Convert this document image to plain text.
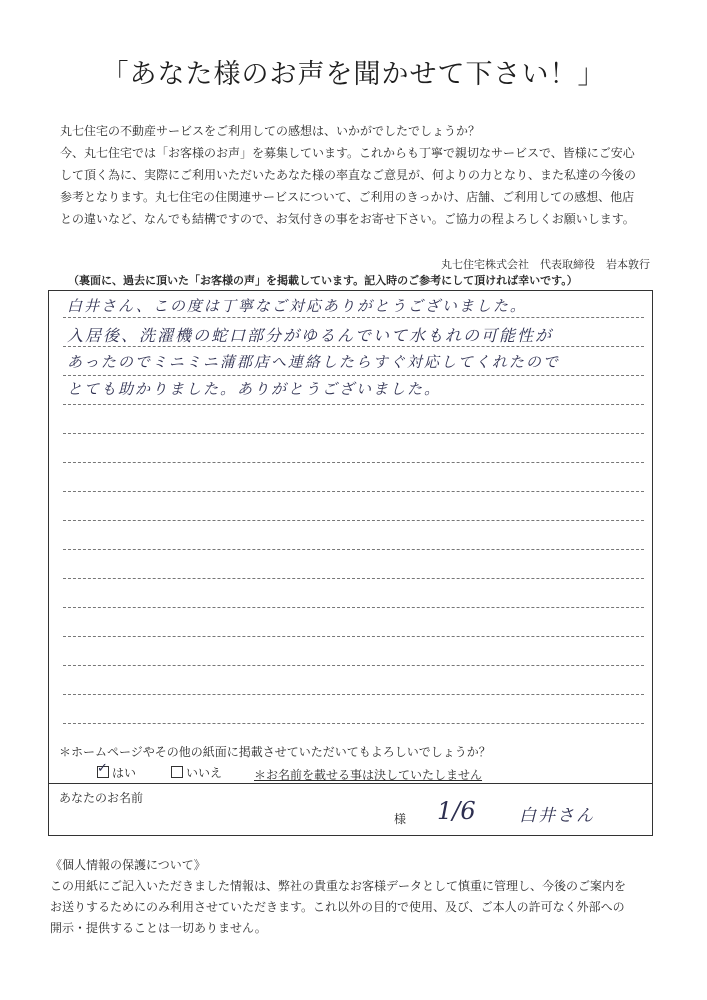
「あなた様のお声を聞かせて下さい！」

丸七住宅の不動産サービスをご利用しての感想は、いかがでしたでしょうか？

今、丸七住宅では「お客様のお声」を募集しています。これからも丁寧で親切なサービスで、皆様にご安心

して頂く為に、実際にご利用いただいたあなた様の率直なご意見が、何よりの力となり、また私達の今後の

参考となります。丸七住宅の住関連サービスについて、ご利用のきっかけ、店舗、ご利用しての感想、他店

との違いなど、なんでも結構ですので、お気付きの事をお寄せ下さい。ご協力の程よろしくお願いします。

丸七住宅株式会社　代表取締役　岩本敦行
（裏面に、過去に頂いた「お客様の声」を掲載しています。記入時のご参考にして頂ければ幸いです。）
白井さん、この度は丁寧なご対応ありがとうございました。
入居後、洗濯機の蛇口部分がゆるんでいて水もれの可能性が
あったのでミニミニ蒲郡店へ連絡したらすぐ対応してくれたので
とても助かりました。ありがとうございました。
＊ホームページやその他の紙面に掲載させていただいてもよろしいでしょうか？
✓はい	いいえ	＊お名前を載せる事は決していたしません
あなたのお名前
様 1/6	白井さん

《個人情報の保護について》

この用紙にご記入いただきました情報は、弊社の貴重なお客様データとして慎重に管理し、今後のご案内を

お送りするためにのみ利用させていただきます。これ以外の目的で使用、及び、ご本人の許可なく外部への

開示・提供することは一切ありません。
